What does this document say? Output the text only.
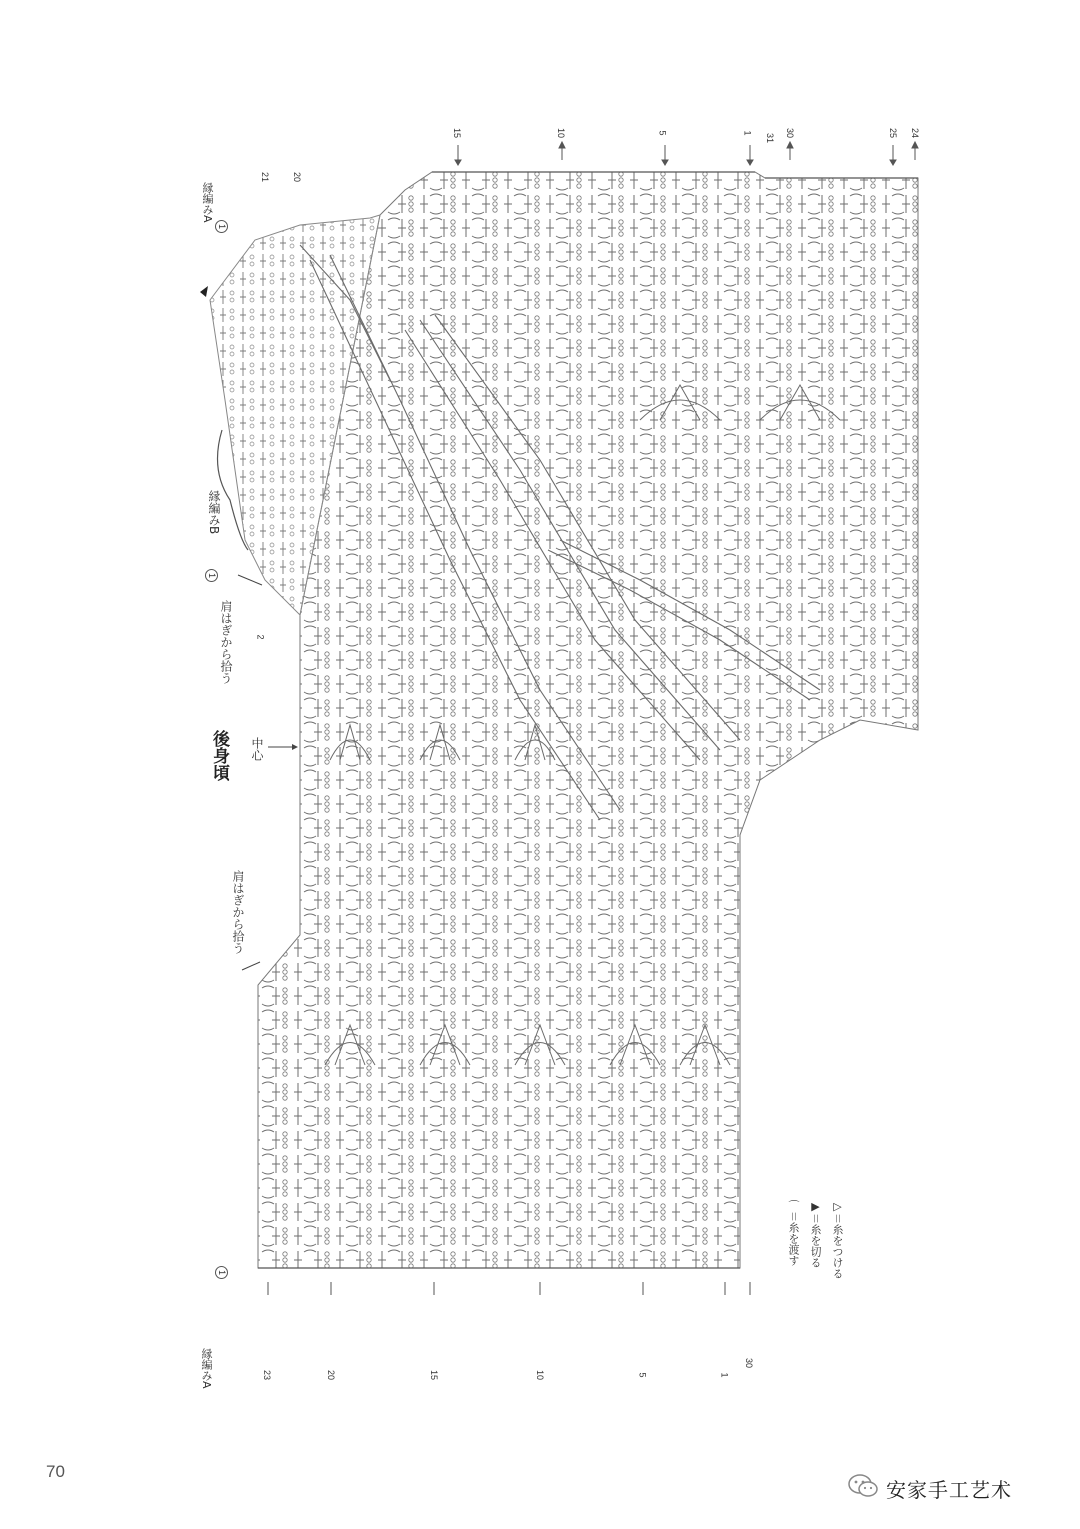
後身頃 中心
肩はぎから拾う
肩はぎから拾う
縁編みA
縁編みA
縁編みB
15	10	5	1 31 30	25 24
21 20
2
23	20	15	10	5	1
30
1
1
1
▷＝糸をつける
▶＝糸を切る
⌒＝糸を渡す
70
安家手工艺术
